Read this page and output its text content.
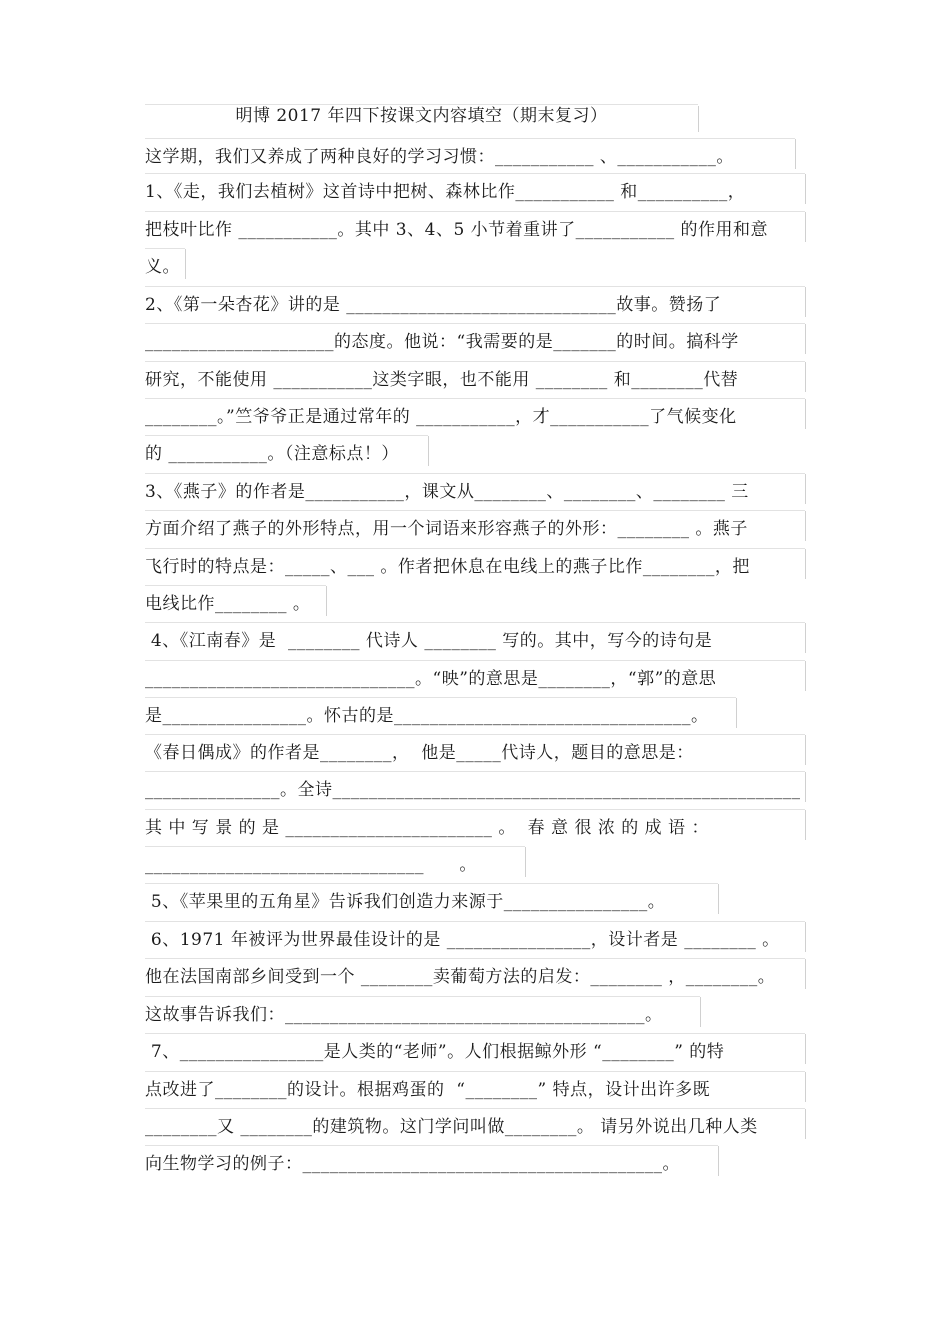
明博 2017 年四下按课文内容填空（期末复习）
这学期，我们又养成了两种良好的学习习惯：___________ 、___________。
1、《走，我们去植树》这首诗中把树、森林比作___________ 和__________，
把枝叶比作 ___________。其中 3、4、5 小节着重讲了___________ 的作用和意
义。
2、《第一朵杏花》讲的是 ______________________________故事。赞扬了
_____________________的态度。他说：“我需要的是_______的时间。搞科学
研究，不能使用 ___________这类字眼，也不能用 ________ 和________代替
________。”竺爷爷正是通过常年的 ___________，才___________了气候变化
的 ___________。（注意标点！）
3、《燕子》的作者是___________，课文从________、________、________ 三
方面介绍了燕子的外形特点，用一个词语来形容燕子的外形：________ 。燕子
飞行时的特点是：_____、___ 。作者把休息在电线上的燕子比作________，把
电线比作________ 。
4、《江南春》是  ________ 代诗人 ________ 写的。其中，写今的诗句是
______________________________。“映”的意思是________，“郭”的意思
是________________。怀古的是_________________________________。
《春日偶成》的作者是________，  他是_____代诗人，题目的意思是：
_______________。全诗____________________________________________________
其 中 写 景 的 是 _______________________ 。  春 意 很 浓 的 成 语 ：
_______________________________      。
5、《苹果里的五角星》告诉我们创造力来源于________________。
6、1971 年被评为世界最佳设计的是 ________________，设计者是 ________ 。
他在法国南部乡间受到一个 ________卖葡萄方法的启发：________ ，________。
这故事告诉我们：________________________________________。
7、________________是人类的“老师”。人们根据鲸外形 “________” 的特
点改进了________的设计。根据鸡蛋的  “________” 特点，设计出许多既
________又 ________的建筑物。这门学问叫做________。 请另外说出几种人类
向生物学习的例子：________________________________________。
